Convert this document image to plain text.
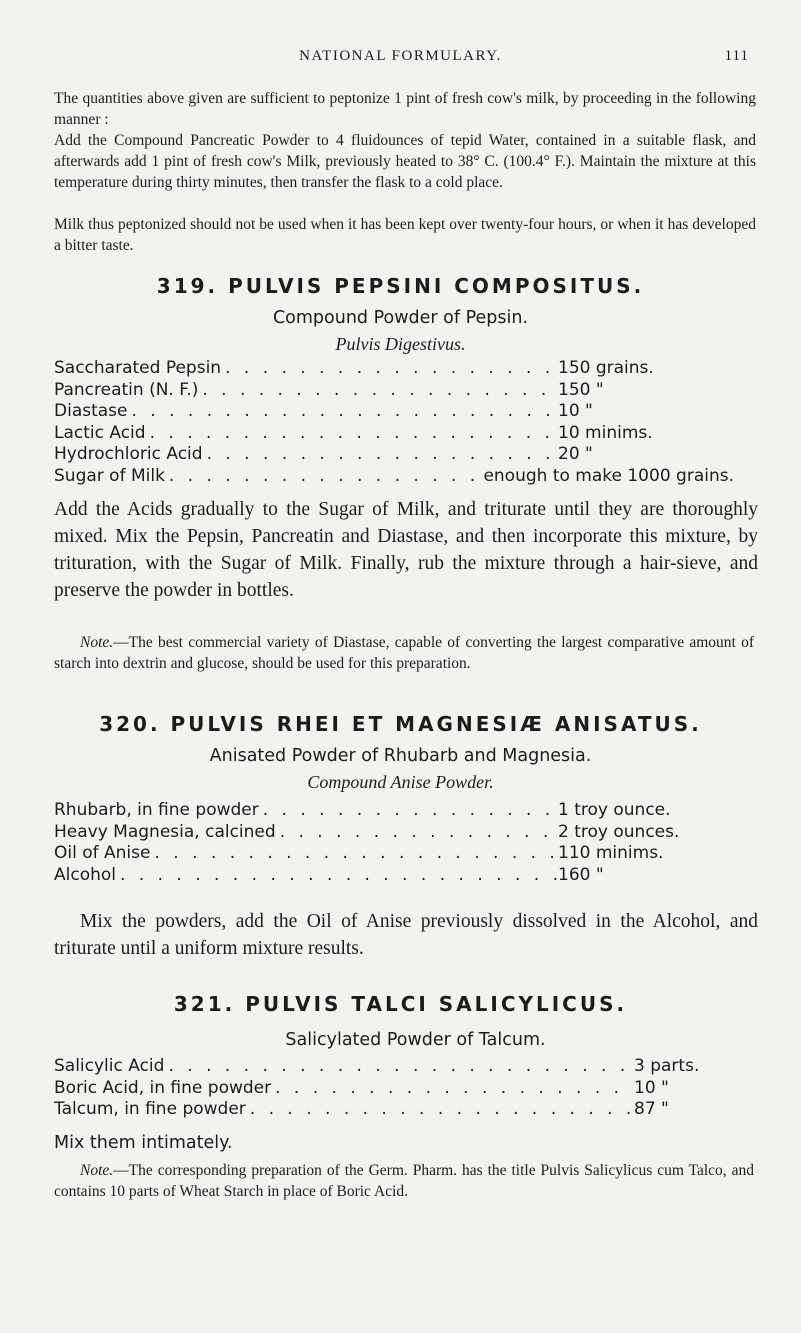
NATIONAL FORMULARY.	111

The quantities above given are sufficient to peptonize 1 pint of fresh cow's milk, by proceeding in the following manner :

Add the Compound Pancreatic Powder to 4 fluidounces of tepid Water, contained in a suitable flask, and afterwards add 1 pint of fresh cow's Milk, previously heated to 38° C. (100.4° F.). Maintain the mixture at this temperature during thirty minutes, then transfer the flask to a cold place.

Milk thus peptonized should not be used when it has been kept over twenty-four hours, or when it has developed a bitter taste.

319. PULVIS PEPSINI COMPOSITUS.
Compound Powder of Pepsin.
Pulvis Digestivus.
Saccharated Pepsin . . .	150 grains.
Pancreatin (N. F.) . . .	150 "
Diastase . . .	10 "
Lactic Acid . . .	10 minims.
Hydrochloric Acid . . .	20 "
Sugar of Milk . . .	enough to make 1000 grains.

Add the Acids gradually to the Sugar of Milk, and triturate until they are thoroughly mixed. Mix the Pepsin, Pancreatin and Diastase, and then incorporate this mixture, by trituration, with the Sugar of Milk. Finally, rub the mixture through a hair-sieve, and preserve the powder in bottles.

Note.—The best commercial variety of Diastase, capable of converting the largest comparative amount of starch into dextrin and glucose, should be used for this preparation.

320. PULVIS RHEI ET MAGNESIÆ ANISATUS.
Anisated Powder of Rhubarb and Magnesia.
Compound Anise Powder.
Rhubarb, in fine powder . . .	1 troy ounce.
Heavy Magnesia, calcined . . .	2 troy ounces.
Oil of Anise . . .	110 minims.
Alcohol . . .	160 "

Mix the powders, add the Oil of Anise previously dissolved in the Alcohol, and triturate until a uniform mixture results.

321. PULVIS TALCI SALICYLICUS.
Salicylated Powder of Talcum.
Salicylic Acid . . .	3 parts.
Boric Acid, in fine powder . . .	10 "
Talcum, in fine powder . . .	87 "

Mix them intimately.

Note.—The corresponding preparation of the Germ. Pharm. has the title Pulvis Salicylicus cum Talco, and contains 10 parts of Wheat Starch in place of Boric Acid.
